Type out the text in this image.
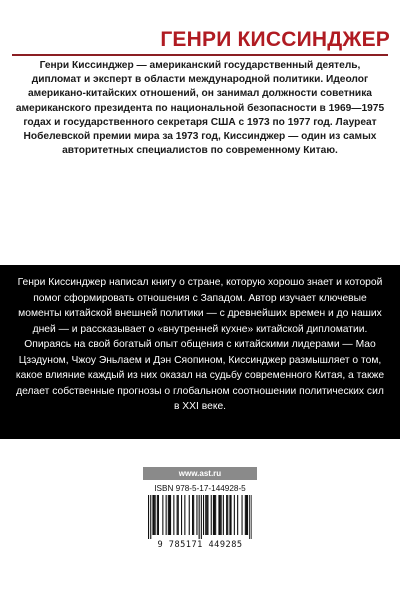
ГЕНРИ КИССИНДЖЕР

Генри Киссинджер — американский государственный деятель, дипломат и эксперт в области международной политики. Идеолог американо-китайских отношений, он занимал должности советника американского президента по национальной безопасности в 1969—1975 годах и государственного секретаря США с 1973 по 1977 год. Лауреат Нобелевской премии мира за 1973 год, Киссинджер — один из самых авторитетных специалистов по современному Китаю.

Генри Киссинджер написал книгу о стране, которую хорошо знает и которой помог сформировать отношения с Западом. Автор изучает ключевые моменты китайской внешней политики — с древнейших времен и до наших дней — и рассказывает о «внутренней кухне» китайской дипломатии. Опираясь на свой богатый опыт общения с китайскими лидерами — Мао Цзэдуном, Чжоу Эньлаем и Дэн Сяопином, Киссинджер размышляет о том, какое влияние каждый из них оказал на судьбу современного Китая, а также делает собственные прогнозы о глобальном соотношении политических сил в XXI веке.

www.ast.ru
ISBN 978-5-17-144928-5
9 785171 449285
